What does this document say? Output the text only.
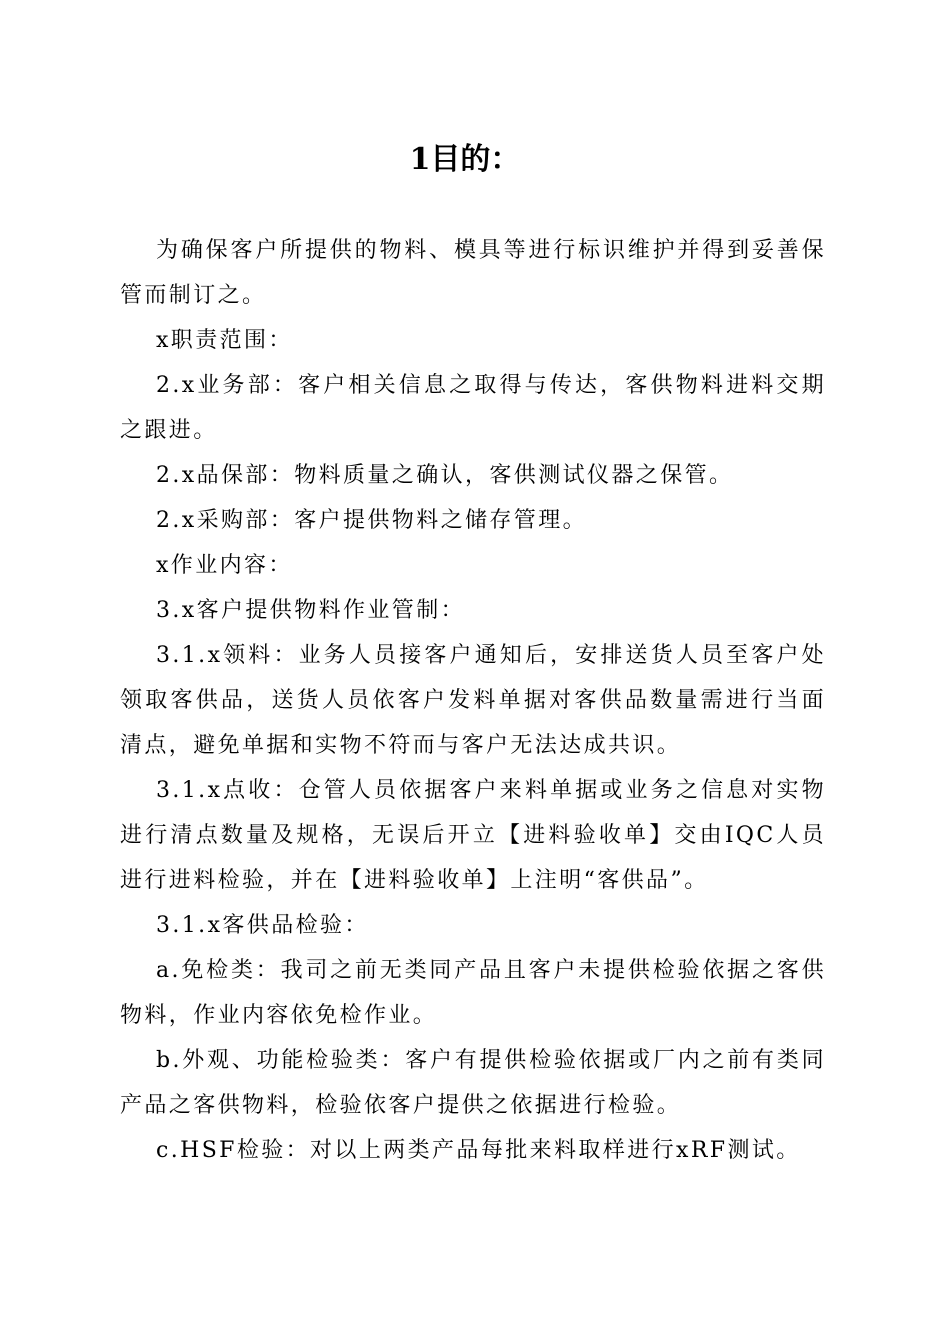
1目的：

为确保客户所提供的物料、模具等进行标识维护并得到妥善保管而制订之。

x职责范围：

2.x业务部：客户相关信息之取得与传达，客供物料进料交期之跟进。

2.x品保部：物料质量之确认，客供测试仪器之保管。

2.x采购部：客户提供物料之储存管理。

x作业内容：

3.x客户提供物料作业管制：

3.1.x领料：业务人员接客户通知后，安排送货人员至客户处领取客供品，送货人员依客户发料单据对客供品数量需进行当面清点，避免单据和实物不符而与客户无法达成共识。

3.1.x点收：仓管人员依据客户来料单据或业务之信息对实物进行清点数量及规格，无误后开立【进料验收单】交由IQC人员进行进料检验，并在【进料验收单】上注明“客供品”。

3.1.x客供品检验：

a.免检类：我司之前无类同产品且客户未提供检验依据之客供物料，作业内容依免检作业。

b.外观、功能检验类：客户有提供检验依据或厂内之前有类同产品之客供物料，检验依客户提供之依据进行检验。

c.HSF检验：对以上两类产品每批来料取样进行xRF测试。
